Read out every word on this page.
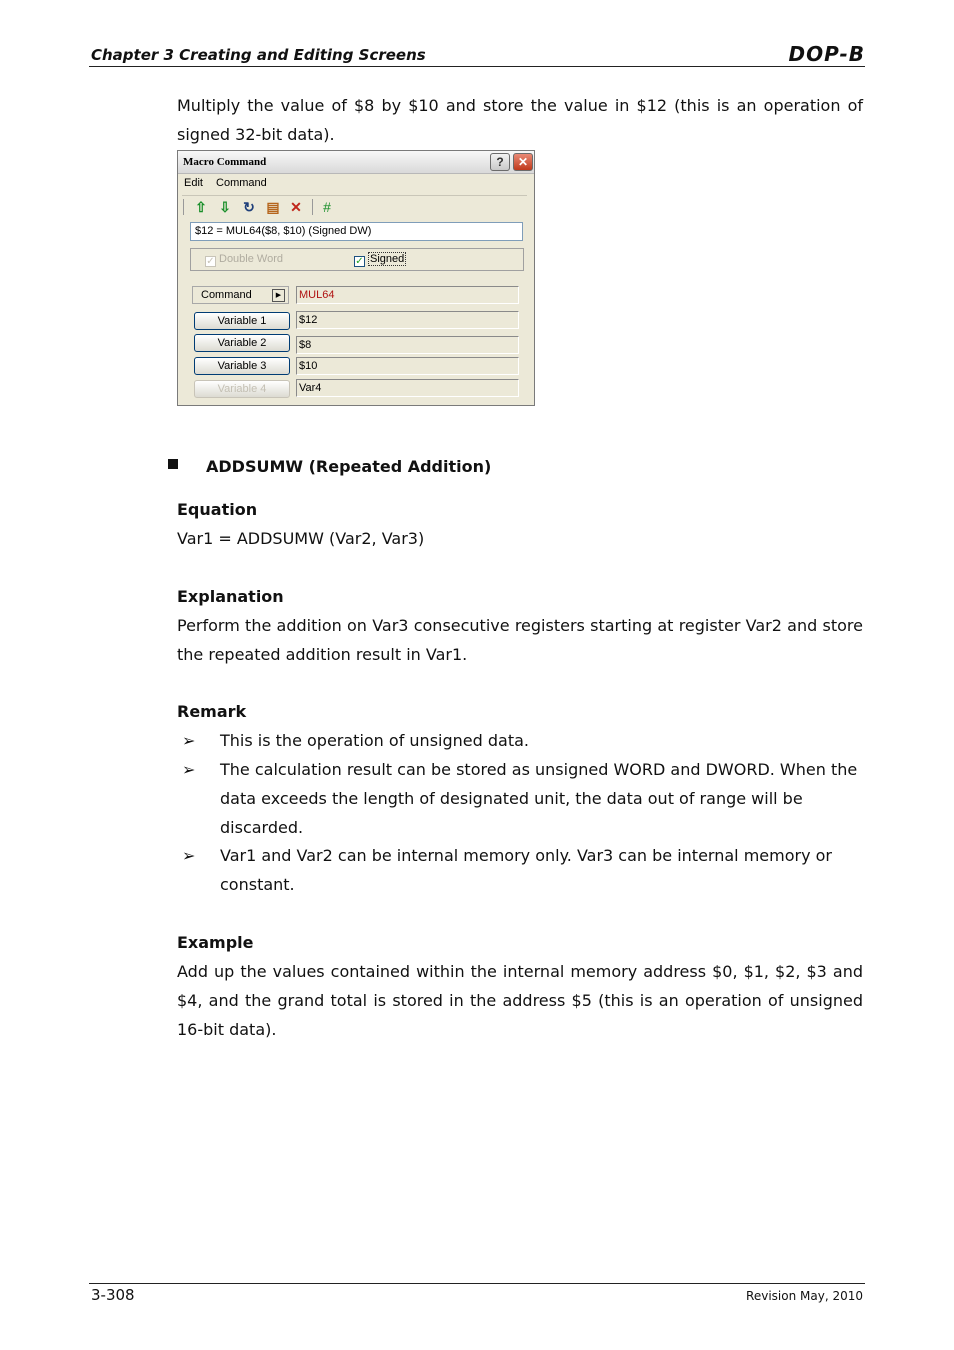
Chapter 3 Creating and Editing Screens	DOP-B
Multiply the value of $8 by $10 and store the value in $12 (this is an operation of signed 32-bit data).
Macro Command	?	✕
Edit Command
⇧ ⇩ ↻ ▤ ✕	#
$12 = MUL64($8, $10) (Signed DW)
✓ Double Word	✓ Signed
Command	▶	MUL64
Variable 1	$12
Variable 2	$8
Variable 3	$10
Variable 4	Var4
ADDSUMW (Repeated Addition)
Equation
Var1 = ADDSUMW (Var2, Var3)
Explanation
Perform the addition on Var3 consecutive registers starting at register Var2 and store the repeated addition result in Var1.
Remark
➢ This is the operation of unsigned data.
➢ The calculation result can be stored as unsigned WORD and DWORD. When the data exceeds the length of designated unit, the data out of range will be discarded.
➢ Var1 and Var2 can be internal memory only. Var3 can be internal memory or constant.
Example
Add up the values contained within the internal memory address $0, $1, $2, $3 and $4, and the grand total is stored in the address $5 (this is an operation of unsigned 16-bit data).
3-308	Revision May, 2010
